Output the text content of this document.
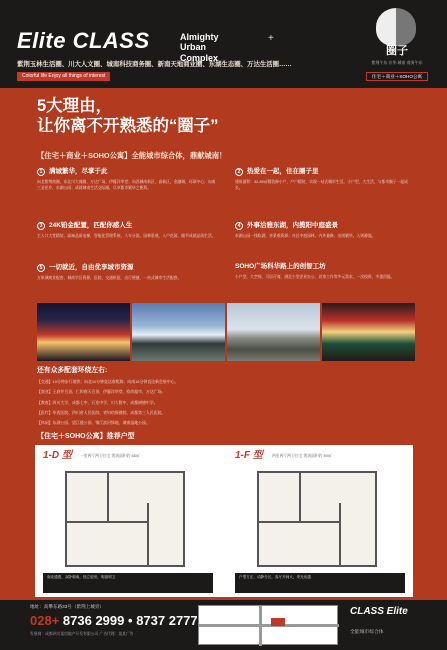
Elite CLASS	Almighty Urban
Complex
+
紫荆玉林生活圈、川大人文圈、城南科技商务圈、新南天地商业圈、东湖生态圈、万达生活圈……
Colorful life Enjoy all things of interest
圈子
紫荆午东 京华 城南 商务午东
住宅＋商业＋SOHO公寓
5大理由，
让你离不开熟悉的“圈子”
【住宅＋商业＋SOHO公寓】全能城市综合体，鼎献城南！
1	满城繁华，尽掌于此
向北紫荆商圈，东北川大商圈，万达广场，伊藤洋华堂；向西城南新区，高新区，金融城，环球中心；向南三圣花乡，东湖公园；成就城南生活交际圈，尽享都市繁华之便利。
2	热爱在一起，住在圈子里
建筑面积：32-89㎡精装修小户，户户精装，实现一站式城市生活。小户型，大生活，与都市圈子一起成长。
3	24K铂金配置，匹配你感人生
主入口大堂精装，高端品质电梯，智能化管理系统，人车分流，园林景观，入户花园，细节成就品质生活。
4	外事洽雅东湖，内揽阳中庭盛景
东湖公园一线临湖，享景观资源；社区中庭园林，内外兼修，出则繁华，入则静谧。
5	一切就近，自由优享城市资源
万象城商业配套，城南学区资源，医院，交通枢纽，出行便捷，一站式城市生活配套。
SOHO广场科华路上的创智工坊
小户型，大空间，可居可商，满足小型企业办公、居家工作等多元需求，一次投资，多重回报。
还有众多配套环绕左右:
【交通】10分钟步行地铁；向北10分钟直达春熙路；向南15分钟直达新会展中心。
【商业】王府井百货、仁和春天百货、伊藤洋华堂、欧尚超市、万达广场。
【教育】四川大学、成都七中、石室中学、川大附中、成都树德中学。
【医疗】华西医院、四川省人民医院、省妇幼保健院、成都第三人民医院。
【休闲】东湖公园、望江楼公园、锦江滨河绿地、城南湿地公园。
【住宅＋SOHO公寓】推荐户型
1-D 型 一室两厅两卫住宅 建筑面积约 88㎡
南北通透，双卧朝南，独立厨房，明厨明卫
1-F 型 两室两厅两卫住宅 建筑面积约 89㎡
户型方正，动静分区，客厅开间大，采光优越
地址：高攀东路33号（紫荆上城旁）
028+ 8736 2999 • 8737 2777
发展商：成都四川某房地产开发有限公司 广告代理：某某广告
CLASS Elite
全能城市综合体
